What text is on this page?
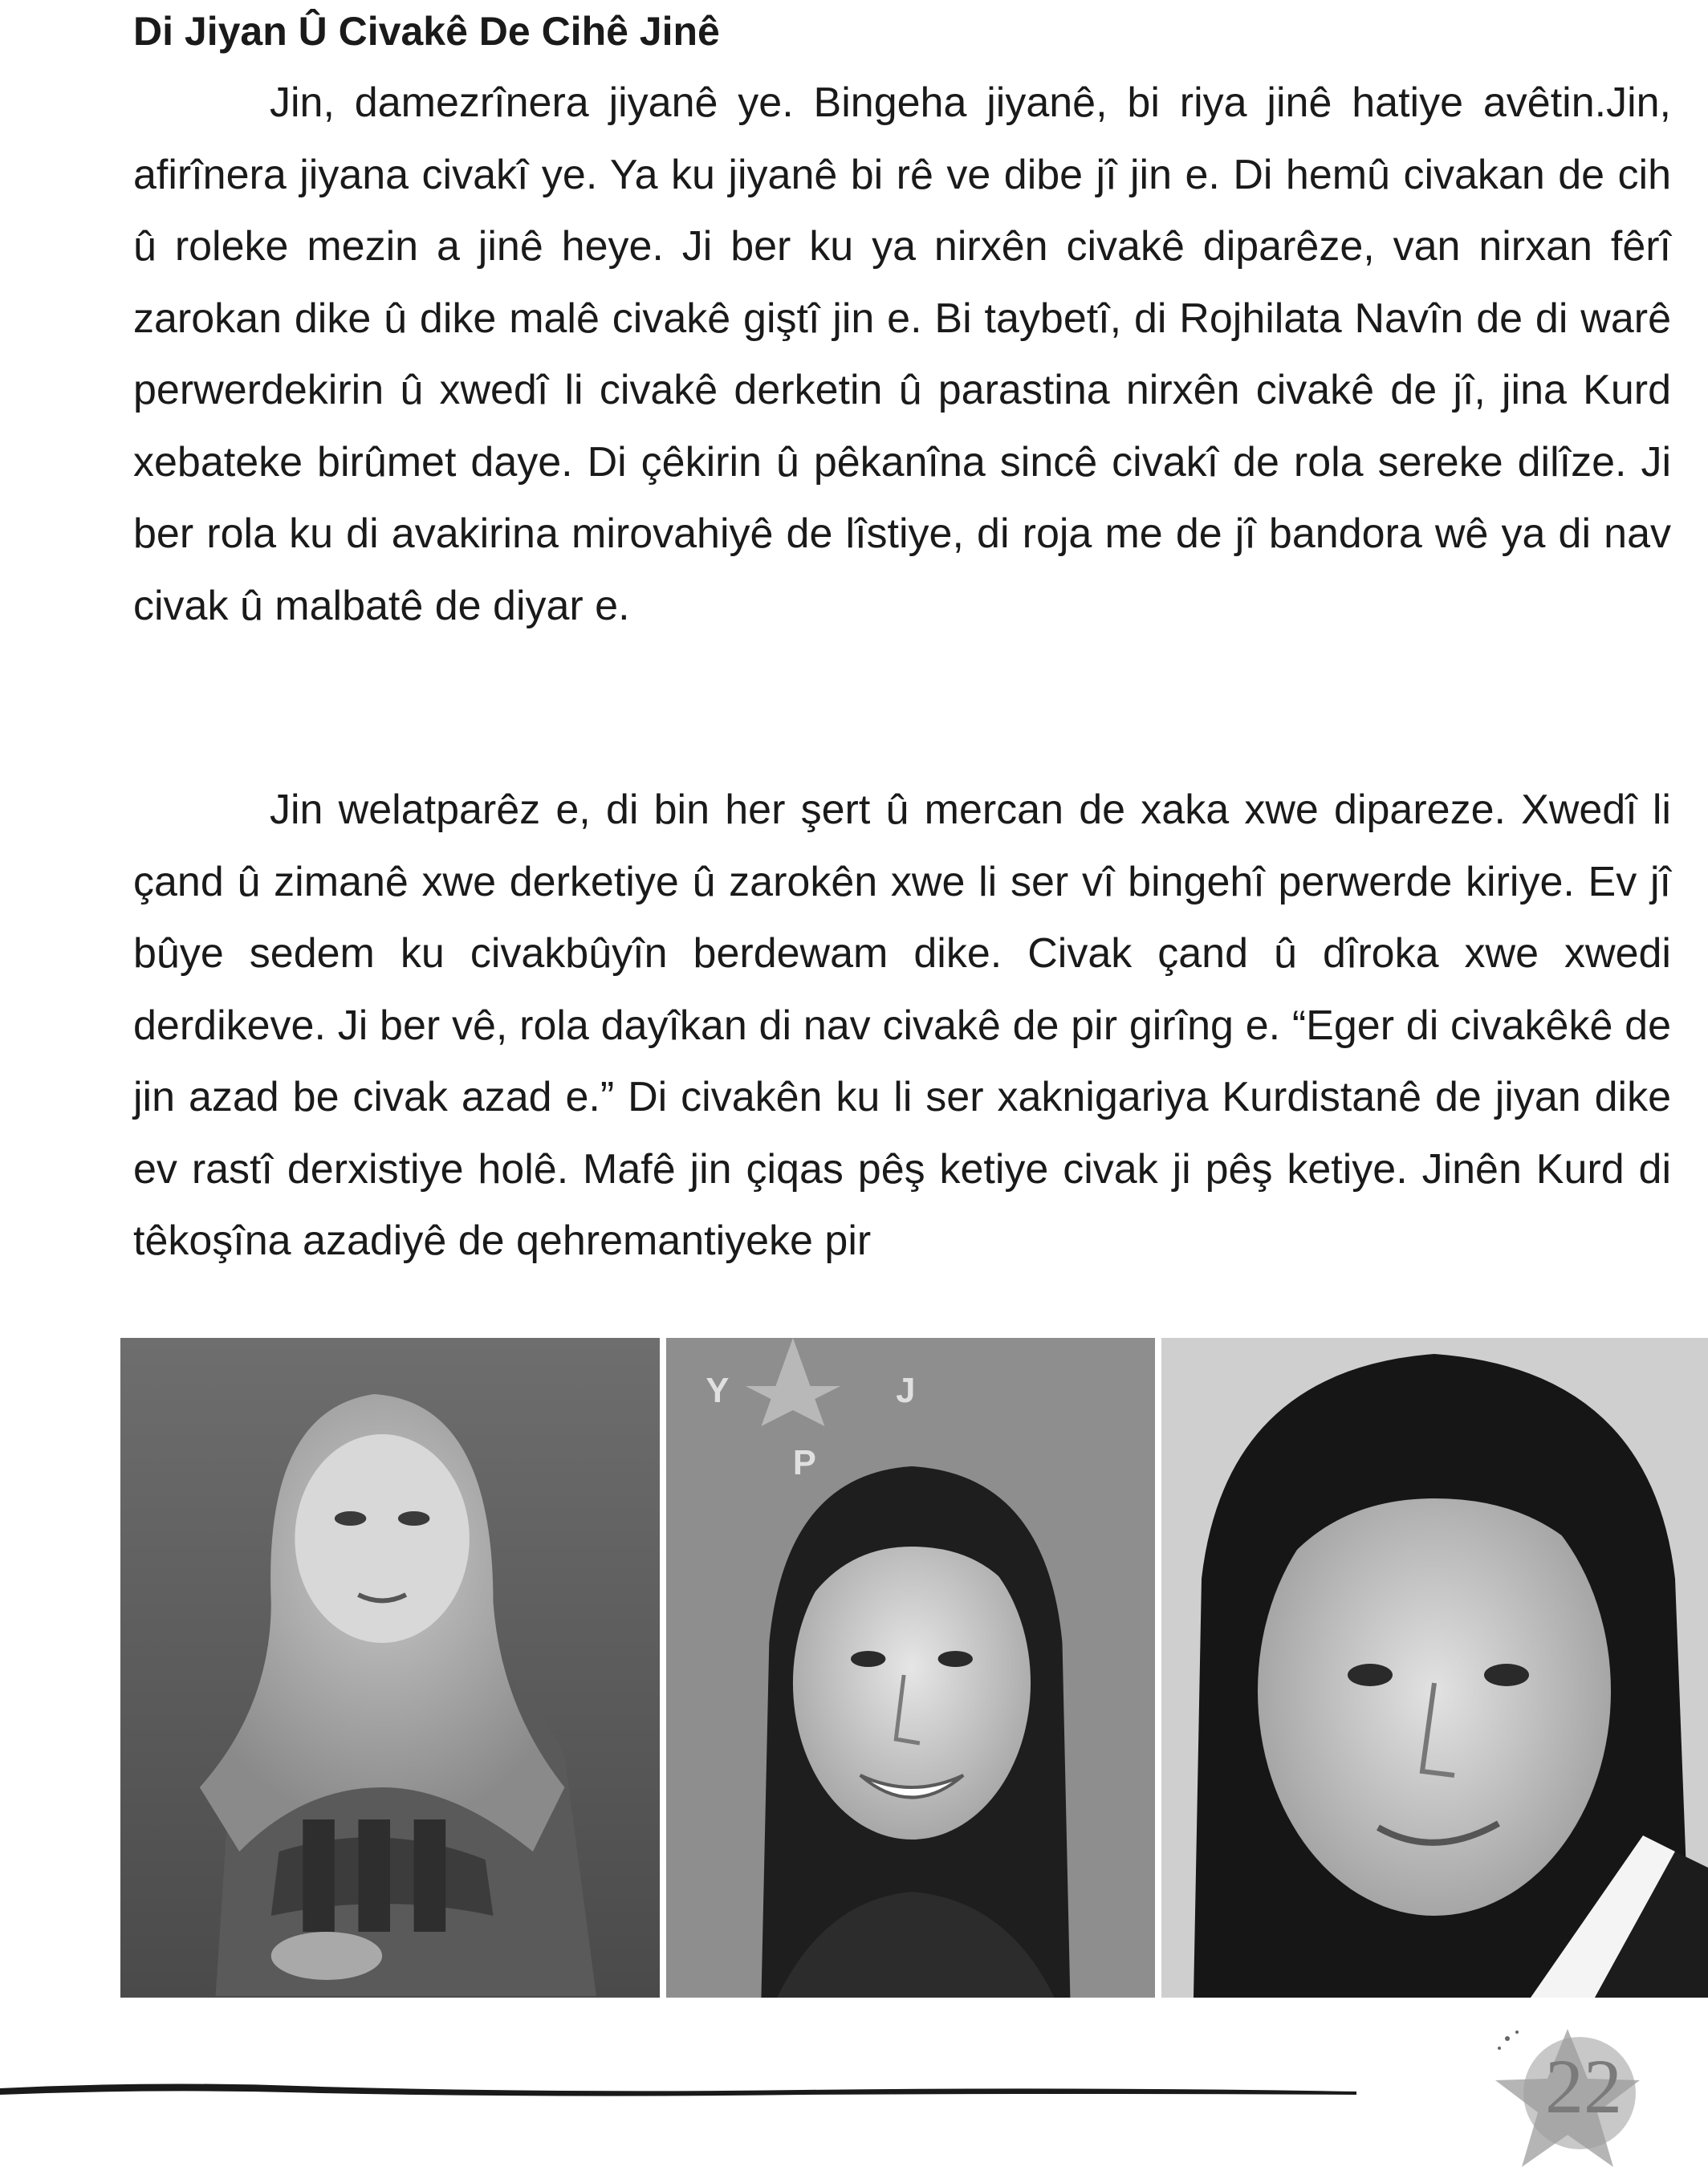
Di Jiyan Û Civakê De Cihê Jinê

Jin, damezrînera jiyanê ye. Bingeha jiyanê, bi riya jinê hatiye avêtin.Jin, afirînera jiyana civakî ye. Ya ku jiyanê bi rê ve dibe jî jin e. Di hemû civakan de cih û roleke mezin a jinê heye. Ji ber ku ya nirxên civakê diparêze, van nirxan fêrî zarokan dike û dike malê civakê giştî jin e. Bi taybetî, di Rojhilata Navîn de di warê perwerdekirin û xwedî li civakê derketin û parastina nirxên civakê de jî, jina Kurd xebateke birûmet daye. Di çêkirin û pêkanîna sincê civakî de rola sereke dilîze. Ji ber rola ku di avakirina mirovahiyê de lîstiye, di roja me de jî bandora wê ya di nav civak û malbatê de diyar e.

Jin welatparêz e, di bin her şert û mercan de xaka xwe dipareze. Xwedî li çand û zimanê xwe derketiye û zarokên xwe li ser vî bingehî perwerde kiriye. Ev jî bûye sedem ku civakbûyîn berdewam dike. Civak çand û dîroka xwe xwedi derdikeve. Ji ber vê, rola dayîkan di nav civakê de pir girîng e. “Eger di civakêkê de jin azad be civak azad e.” Di civakên ku li ser xaknigariya Kurdistanê de jiyan dike ev rastî derxistiye holê. Mafê jin çiqas pêş ketiye civak ji pêş ketiye. Jinên Kurd di têkoşîna azadiyê de qehremantiyeke pir

Y	J
P
22
